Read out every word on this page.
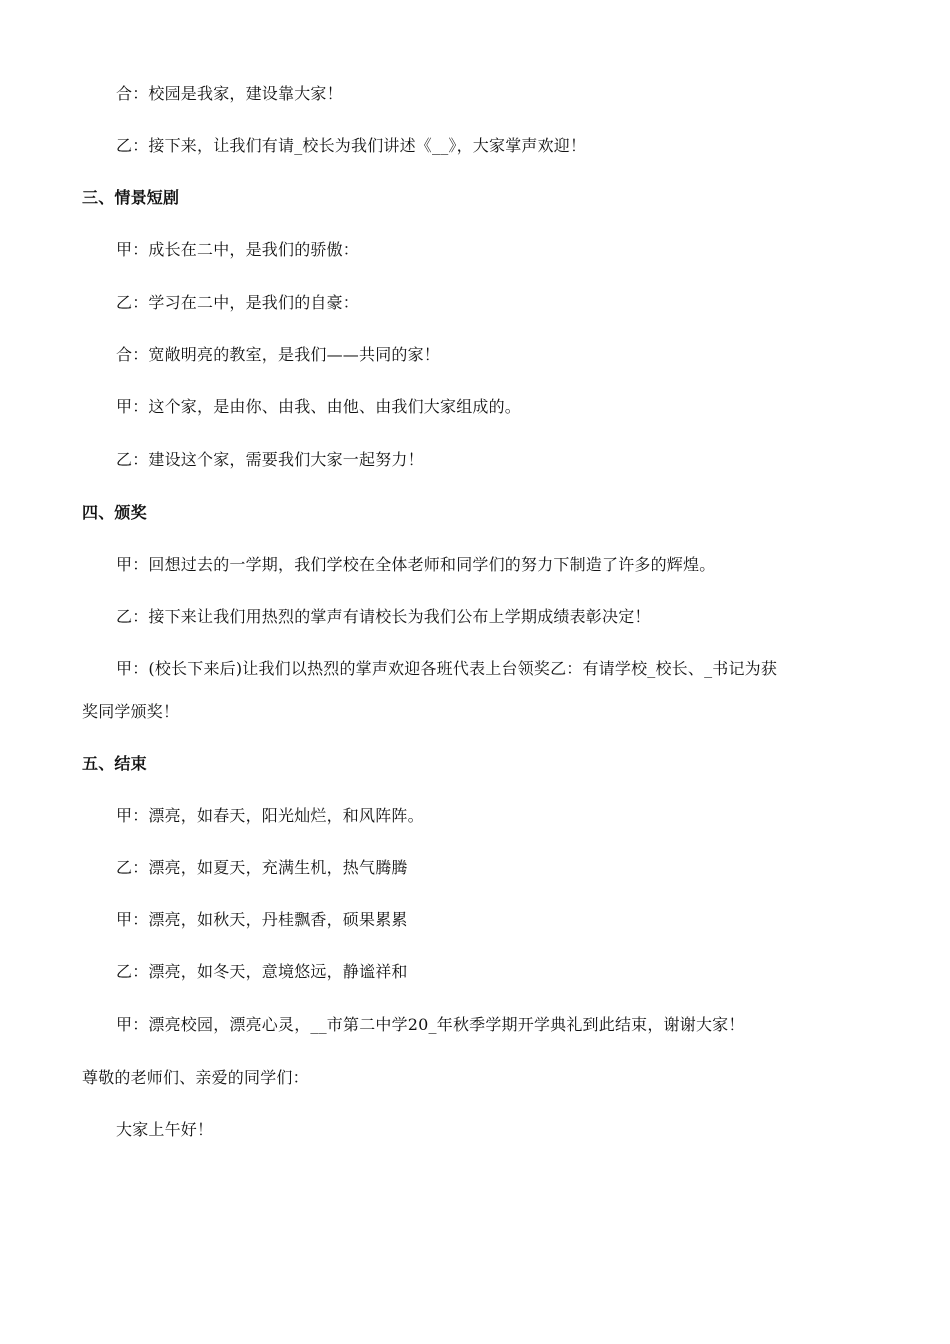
合：校园是我家，建设靠大家！
乙：接下来，让我们有请_校长为我们讲述《__》，大家掌声欢迎！
三、情景短剧
甲：成长在二中，是我们的骄傲：
乙：学习在二中，是我们的自豪：
合：宽敞明亮的教室，是我们——共同的家！
甲：这个家，是由你、由我、由他、由我们大家组成的。
乙：建设这个家，需要我们大家一起努力！
四、颁奖
甲：回想过去的一学期，我们学校在全体老师和同学们的努力下制造了许多的辉煌。
乙：接下来让我们用热烈的掌声有请校长为我们公布上学期成绩表彰决定！
甲：(校长下来后)让我们以热烈的掌声欢迎各班代表上台领奖乙：有请学校_校长、_书记为获
奖同学颁奖！
五、结束
甲：漂亮，如春天，阳光灿烂，和风阵阵。
乙：漂亮，如夏天，充满生机，热气腾腾
甲：漂亮，如秋天，丹桂飘香，硕果累累
乙：漂亮，如冬天，意境悠远，静谧祥和
甲：漂亮校园，漂亮心灵，__市第二中学20_年秋季学期开学典礼到此结束，谢谢大家！
尊敬的老师们、亲爱的同学们：
大家上午好！
